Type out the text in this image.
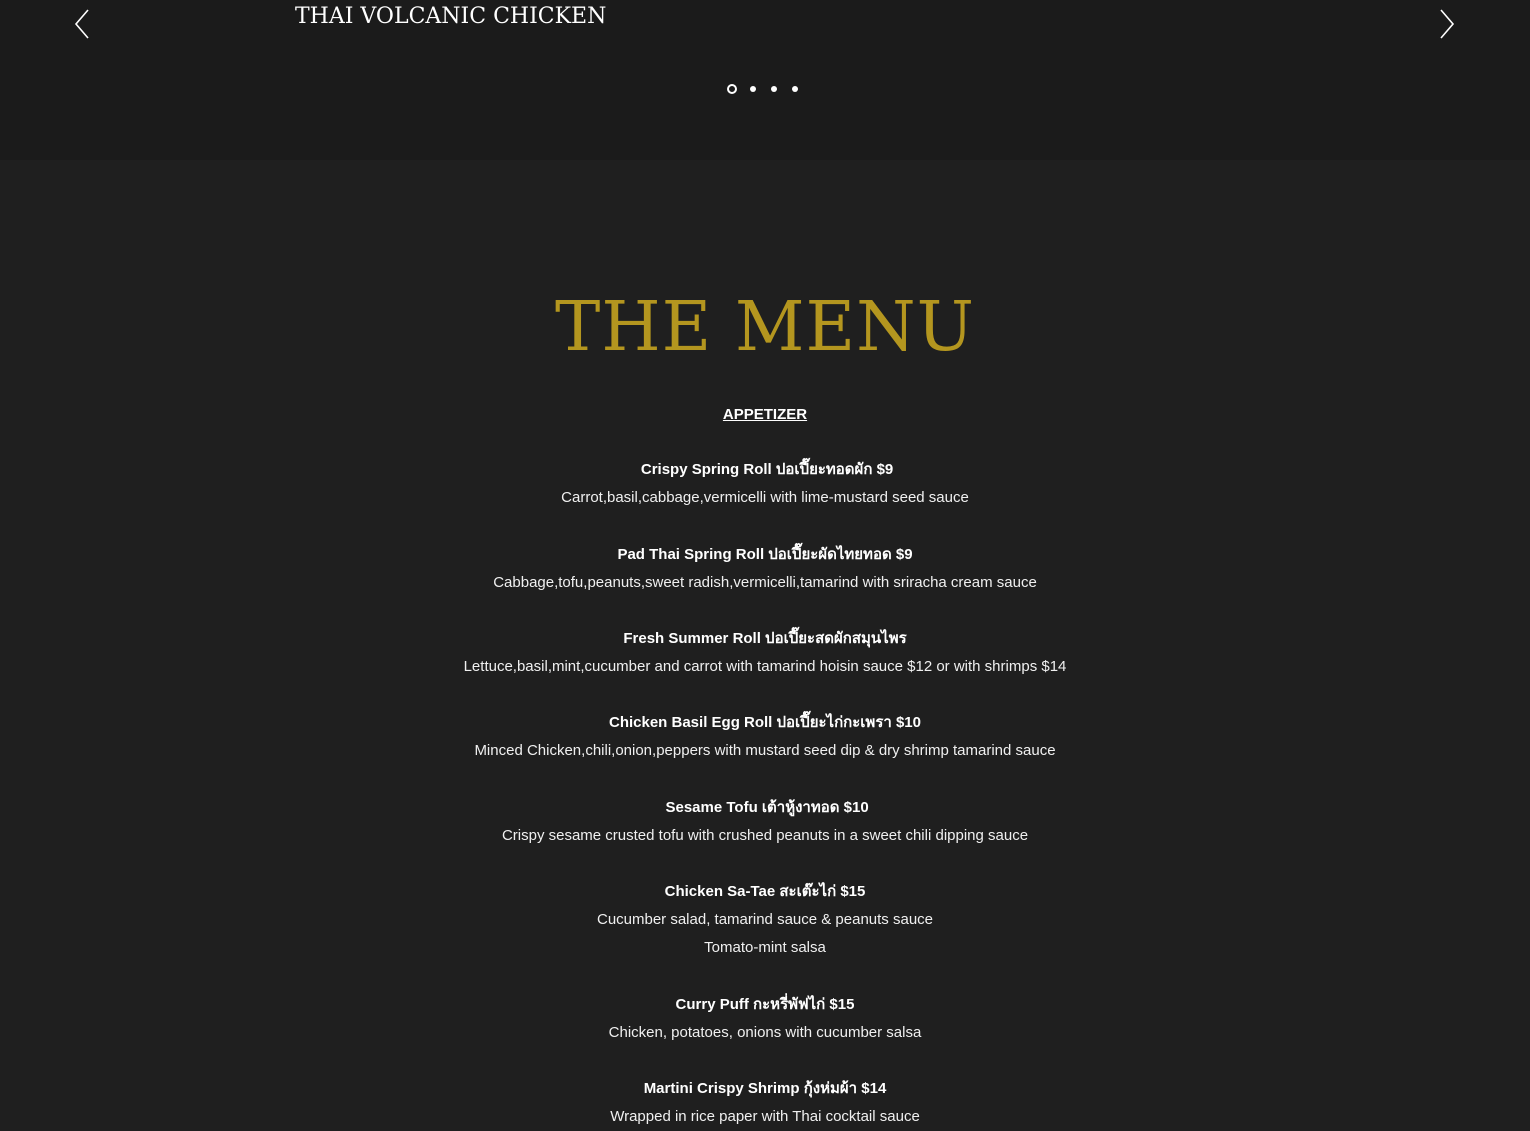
THAI VOLCANIC CHICKEN
THE MENU
APPETIZER
⁣ Crispy Spring Roll ปอเปี๊ยะทอดผัก $9
Carrot,basil,cabbage,vermicelli with lime-mustard seed sauce
⁣Pad Thai Spring Roll ปอเปี๊ยะผัดไทยทอด $9
Cabbage,tofu,peanuts,sweet radish,vermicelli,tamarind with sriracha cream sauce
⁣Fresh Summer Roll ปอเปี๊ยะสดผักสมุนไพร
Lettuce,basil,mint,cucumber and carrot with tamarind hoisin sauce $12 or with shrimps $14
Chicken Basil Egg Roll ปอเปี๊ยะไก่กะเพรา $10
Minced Chicken,chili,onion,peppers with mustard seed dip & dry shrimp tamarind sauce
⁣ Sesame Tofu เต้าหู้งาทอด $10
Crispy sesame crusted tofu with crushed peanuts in a sweet chili dipping sauce
Chicken Sa-Tae สะเต๊ะไก่ $15
Cucumber salad, tamarind sauce & peanuts sauce
Tomato-mint salsa
Curry Puff กะหรี่พัฟไก่ $15
Chicken, potatoes, onions with cucumber salsa
Martini Crispy Shrimp กุ้งห่มผ้า $14
Wrapped in rice paper with Thai cocktail sauce
